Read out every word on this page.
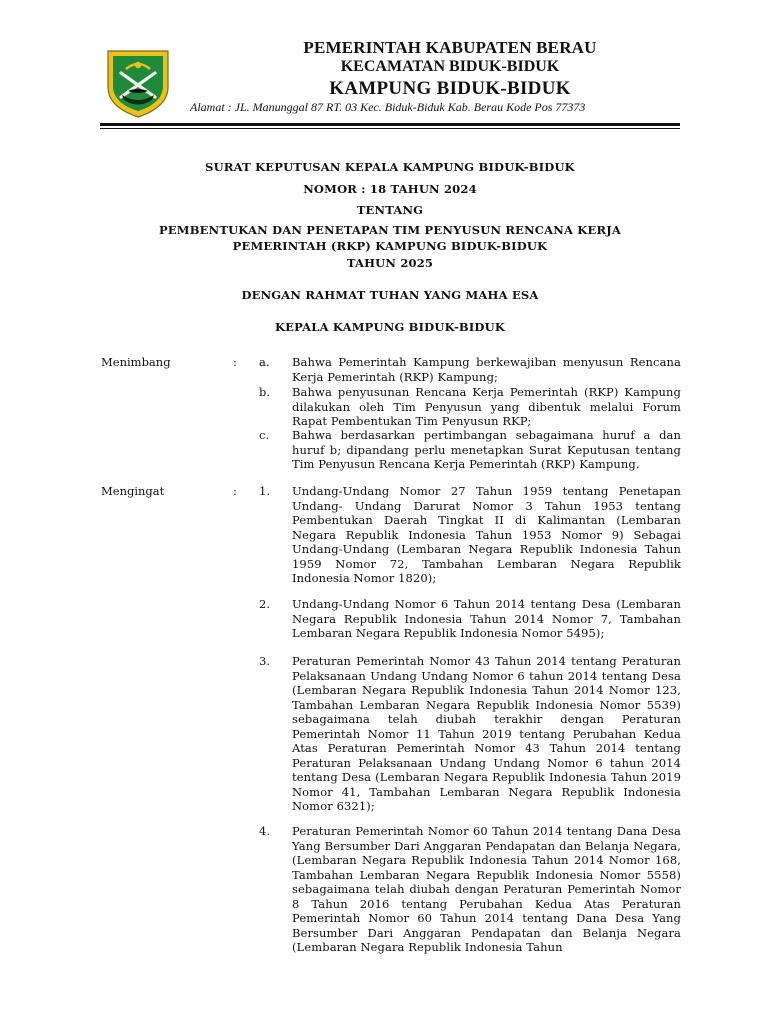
PEMERINTAH KABUPATEN BERAU
KECAMATAN BIDUK-BIDUK
KAMPUNG BIDUK-BIDUK
Alamat : JL. Manunggal 87 RT. 03 Kec. Biduk-Biduk Kab. Berau Kode Pos 77373
SURAT KEPUTUSAN KEPALA KAMPUNG BIDUK-BIDUK
NOMOR : 18 TAHUN 2024
TENTANG
PEMBENTUKAN DAN PENETAPAN TIM PENYUSUN RENCANA KERJA
PEMERINTAH (RKP) KAMPUNG BIDUK-BIDUK
TAHUN 2025
DENGAN RAHMAT TUHAN YANG MAHA ESA
KEPALA KAMPUNG BIDUK-BIDUK
Menimbang	: a. Bahwa Pemerintah Kampung berkewajiban menyusun Rencana Kerja Pemerintah (RKP) Kampung;
b. Bahwa penyusunan Rencana Kerja Pemerintah (RKP) Kampung dilakukan oleh Tim Penyusun yang dibentuk melalui Forum Rapat Pembentukan Tim Penyusun RKP;
c. Bahwa berdasarkan pertimbangan sebagaimana huruf a dan huruf b; dipandang perlu menetapkan Surat Keputusan tentang Tim Penyusun Rencana Kerja Pemerintah (RKP) Kampung.
Mengingat	: 1. Undang-Undang Nomor 27 Tahun 1959 tentang Penetapan Undang- Undang Darurat Nomor 3 Tahun 1953 tentang Pembentukan Daerah Tingkat II di Kalimantan (Lembaran Negara Republik Indonesia Tahun 1953 Nomor 9) Sebagai Undang-Undang (Lembaran Negara Republik Indonesia Tahun 1959 Nomor 72, Tambahan Lembaran Negara Republik Indonesia Nomor 1820);
2. Undang-Undang Nomor 6 Tahun 2014 tentang Desa (Lembaran Negara Republik Indonesia Tahun 2014 Nomor 7, Tambahan Lembaran Negara Republik Indonesia Nomor 5495);
3. Peraturan Pemerintah Nomor 43 Tahun 2014 tentang Peraturan Pelaksanaan Undang Undang Nomor 6 tahun 2014 tentang Desa (Lembaran Negara Republik Indonesia Tahun 2014 Nomor 123, Tambahan Lembaran Negara Republik Indonesia Nomor 5539) sebagaimana telah diubah terakhir dengan Peraturan Pemerintah Nomor 11 Tahun 2019 tentang Perubahan Kedua Atas Peraturan Pemerintah Nomor 43 Tahun 2014 tentang Peraturan Pelaksanaan Undang Undang Nomor 6 tahun 2014 tentang Desa (Lembaran Negara Republik Indonesia Tahun 2019 Nomor 41, Tambahan Lembaran Negara Republik Indonesia Nomor 6321);
4. Peraturan Pemerintah Nomor 60 Tahun 2014 tentang Dana Desa Yang Bersumber Dari Anggaran Pendapatan dan Belanja Negara, (Lembaran Negara Republik Indonesia Tahun 2014 Nomor 168, Tambahan Lembaran Negara Republik Indonesia Nomor 5558) sebagaimana telah diubah dengan Peraturan Pemerintah Nomor 8 Tahun 2016 tentang Perubahan Kedua Atas Peraturan Pemerintah Nomor 60 Tahun 2014 tentang Dana Desa Yang Bersumber Dari Anggaran Pendapatan dan Belanja Negara (Lembaran Negara Republik Indonesia Tahun
